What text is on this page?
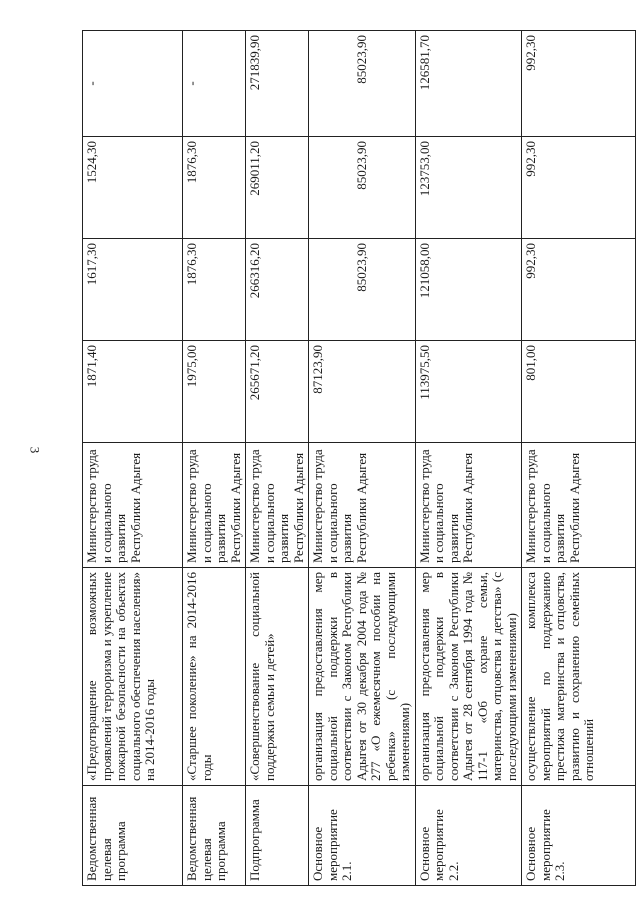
3
Ведомственная целевая программа	«Предотвращение возможных проявлений терроризма и укрепление пожарной безопасности на объектах социального обеспечения населения» на 2014-2016 годы	Министерство труда и социального развития Республики Адыгея	1871,40	1617,30	1524,30	-
Ведомственная целевая программа	«Старшее поколение» на 2014-2016 годы	Министерство труда и социального развития Республики Адыгея	1975,00	1876,30	1876,30	-
Подпрограмма	«Совершенствование социальной поддержки семьи и детей»	Министерство труда и социального развития Республики Адыгея	265671,20	266316,20	269011,20	271839,90
Основное мероприятие 2.1.	организация предоставления мер социальной поддержки в соответствии с Законом Республики Адыгея от 30 декабря 2004 года № 277 «О ежемесячном пособии на ребенка» (с последующими изменениями)	Министерство труда и социального развития Республики Адыгея	87123,90	85023,90	85023,90	85023,90
Основное мероприятие 2.2.	организация предоставления мер социальной поддержки в соответствии с Законом Республики Адыгея от 28 сентября 1994 года № 117-1 «Об охране семьи, материнства, отцовства и детства» (с последующими изменениями)	Министерство труда и социального развития Республики Адыгея	113975,50	121058,00	123753,00	126581,70
Основное мероприятие 2.3.	осуществление комплекса мероприятий по поддержанию престижа материнства и отцовства, развитию и сохранению семейных отношений	Министерство труда и социального развития Республики Адыгея	801,00	992,30	992,30	992,30
